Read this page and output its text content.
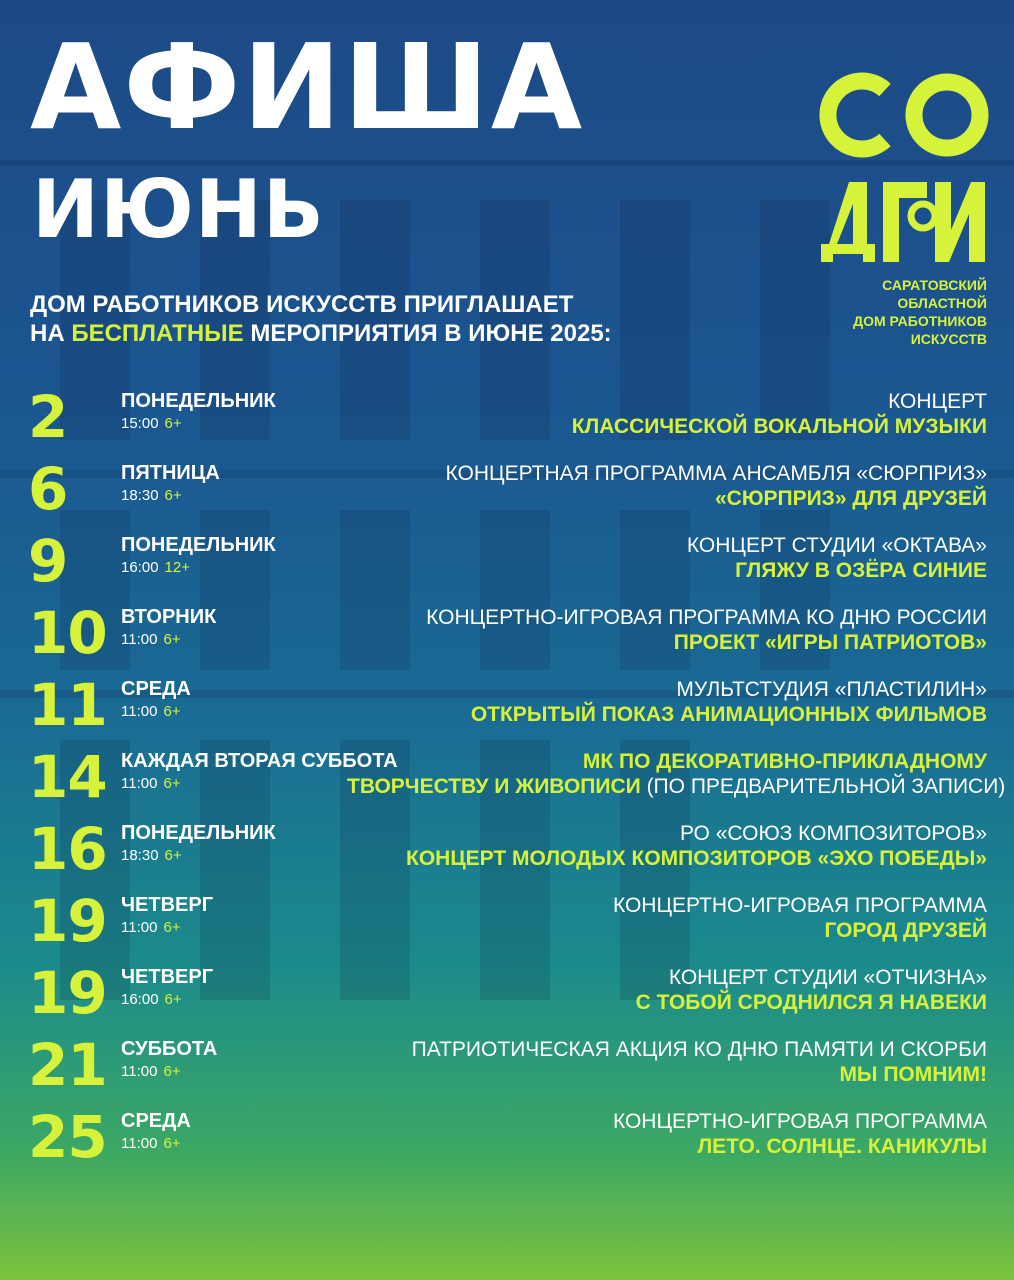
АФИША
ИЮНЬ
САРАТОВСКИЙ
ОБЛАСТНОЙ
ДОМ РАБОТНИКОВ
ИСКУССТВ
ДОМ РАБОТНИКОВ ИСКУССТВ ПРИГЛАШАЕТ
НА БЕСПЛАТНЫЕ МЕРОПРИЯТИЯ В ИЮНЕ 2025:
2	ПОНЕДЕЛЬНИК
15:00 6+
КОНЦЕРТ
КЛАССИЧЕСКОЙ ВОКАЛЬНОЙ МУЗЫКИ
6	ПЯТНИЦА
18:30 6+
КОНЦЕРТНАЯ ПРОГРАММА АНСАМБЛЯ «СЮРПРИЗ»
«СЮРПРИЗ» ДЛЯ ДРУЗЕЙ
9	ПОНЕДЕЛЬНИК
16:00 12+
КОНЦЕРТ СТУДИИ «ОКТАВА»
ГЛЯЖУ В ОЗЁРА СИНИЕ
10 ВТОРНИК
11:00 6+
КОНЦЕРТНО-ИГРОВАЯ ПРОГРАММА КО ДНЮ РОССИИ
ПРОЕКТ «ИГРЫ ПАТРИОТОВ»
11 СРЕДА
11:00 6+
МУЛЬТСТУДИЯ «ПЛАСТИЛИН»
ОТКРЫТЫЙ ПОКАЗ АНИМАЦИОННЫХ ФИЛЬМОВ
14 КАЖДАЯ ВТОРАЯ СУББОТА
11:00 6+
МК ПО ДЕКОРАТИВНО-ПРИКЛАДНОМУ
ТВОРЧЕСТВУ И ЖИВОПИСИ (ПО ПРЕДВАРИТЕЛЬНОЙ ЗАПИСИ)
16 ПОНЕДЕЛЬНИК
18:30 6+
РО «СОЮЗ КОМПОЗИТОРОВ»
КОНЦЕРТ МОЛОДЫХ КОМПОЗИТОРОВ «ЭХО ПОБЕДЫ»
19 ЧЕТВЕРГ
11:00 6+
КОНЦЕРТНО-ИГРОВАЯ ПРОГРАММА
ГОРОД ДРУЗЕЙ
19 ЧЕТВЕРГ
16:00 6+
КОНЦЕРТ СТУДИИ «ОТЧИЗНА»
С ТОБОЙ СРОДНИЛСЯ Я НАВЕКИ
21 СУББОТА
11:00 6+
ПАТРИОТИЧЕСКАЯ АКЦИЯ КО ДНЮ ПАМЯТИ И СКОРБИ
МЫ ПОМНИМ!
25 СРЕДА
11:00 6+
КОНЦЕРТНО-ИГРОВАЯ ПРОГРАММА
ЛЕТО. СОЛНЦЕ. КАНИКУЛЫ
